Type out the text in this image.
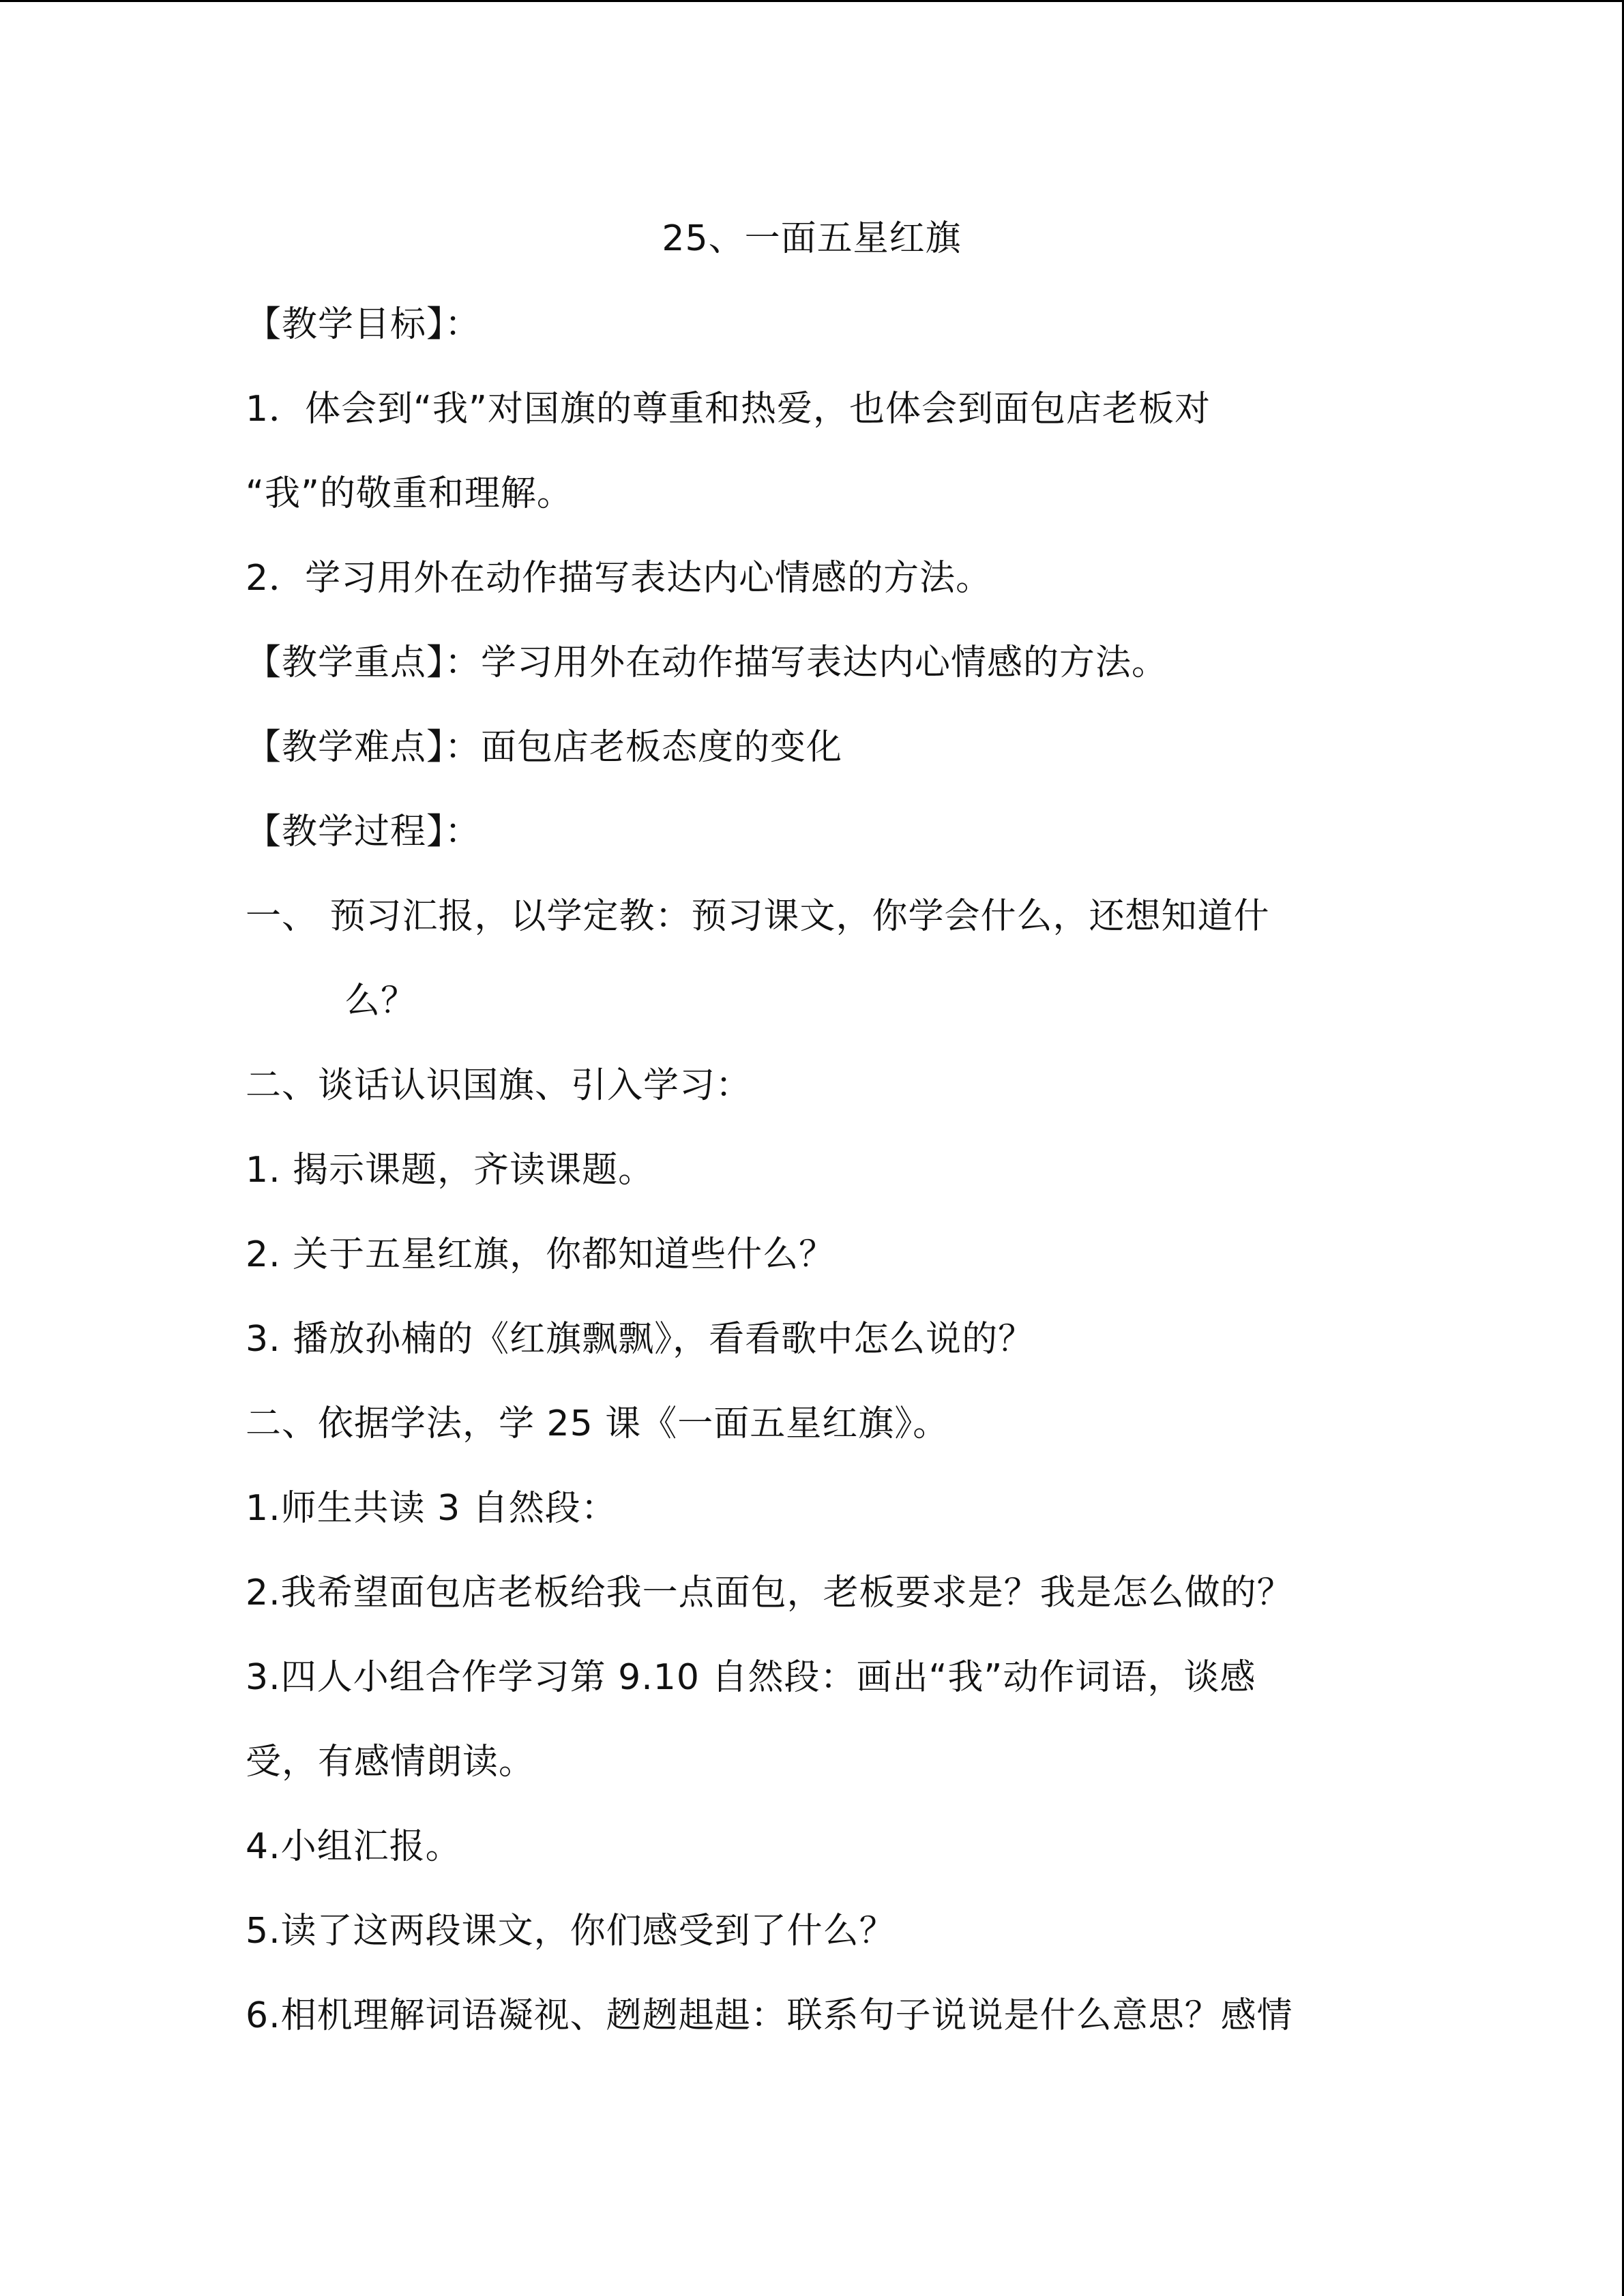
25、一面五星红旗
【教学目标】：
1．体会到“我”对国旗的尊重和热爱，也体会到面包店老板对
“我”的敬重和理解。
2．学习用外在动作描写表达内心情感的方法。
【教学重点】：学习用外在动作描写表达内心情感的方法。
【教学难点】：面包店老板态度的变化
【教学过程】：
一、 预习汇报，以学定教：预习课文，你学会什么，还想知道什
么？
二、谈话认识国旗、引入学习：
1. 揭示课题，齐读课题。
2. 关于五星红旗，你都知道些什么？
3. 播放孙楠的《红旗飘飘》，看看歌中怎么说的？
二、依据学法，学 25 课《一面五星红旗》。
1.师生共读 3 自然段：
2.我希望面包店老板给我一点面包，老板要求是？我是怎么做的？
3.四人小组合作学习第 9.10 自然段：画出“我”动作词语，谈感
受，有感情朗读。
4.小组汇报。
5.读了这两段课文，你们感受到了什么？
6.相机理解词语凝视、趔趔趄趄：联系句子说说是什么意思？感情
